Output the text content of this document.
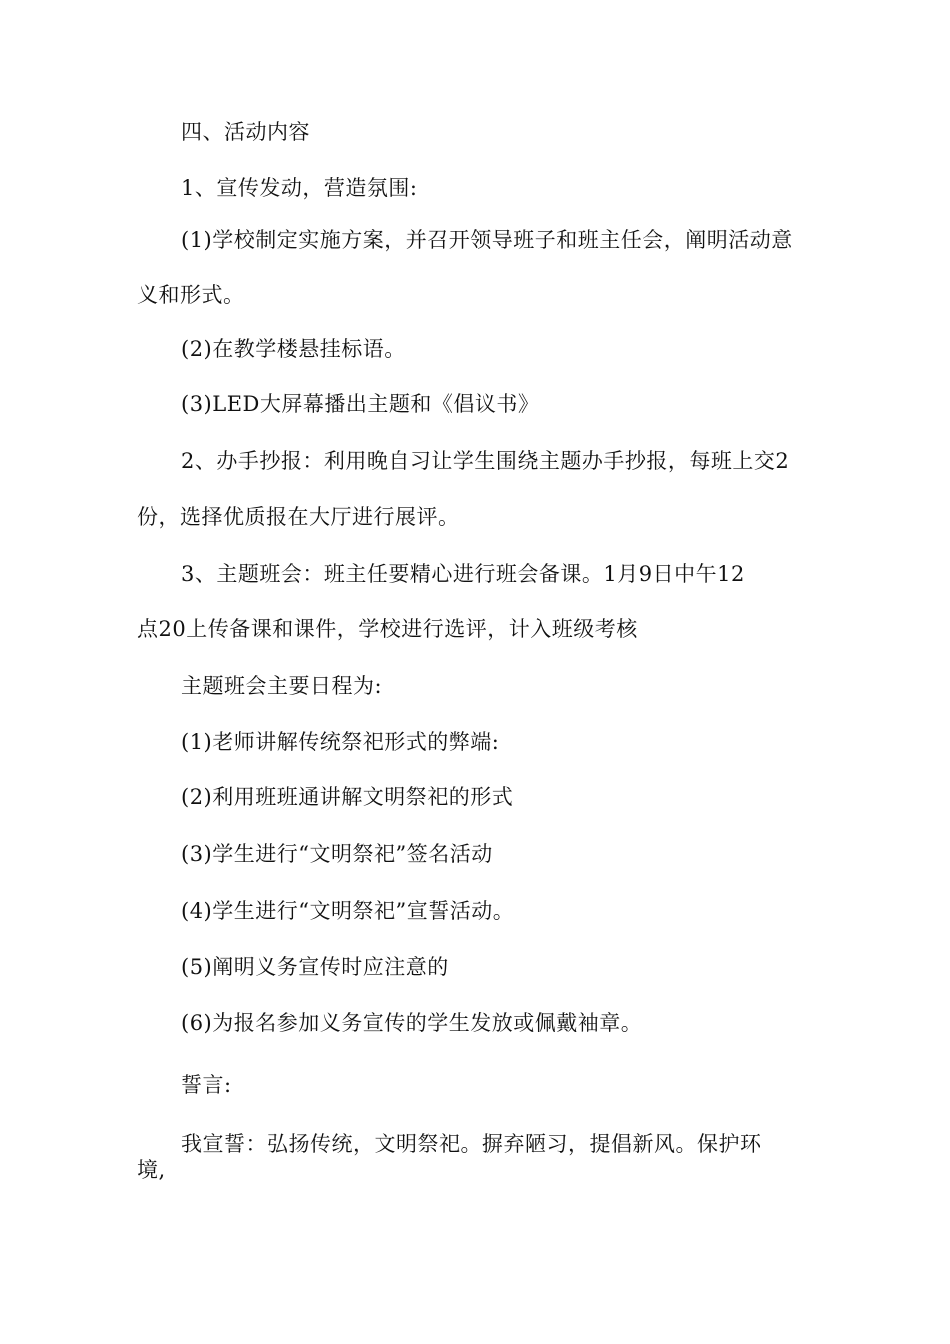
四、活动内容
1、宣传发动，营造氛围:
(1)学校制定实施方案，并召开领导班子和班主任会，阐明活动意
义和形式。
(2)在教学楼悬挂标语。
(3)LED大屏幕播出主题和《倡议书》
2、办手抄报：利用晚自习让学生围绕主题办手抄报，每班上交2
份，选择优质报在大厅进行展评。
3、主题班会：班主任要精心进行班会备课。1月9日中午12
点20上传备课和课件，学校进行选评，计入班级考核
主题班会主要日程为:
(1)老师讲解传统祭祀形式的弊端:
(2)利用班班通讲解文明祭祀的形式
(3)学生进行“文明祭祀”签名活动
(4)学生进行“文明祭祀”宣誓活动。
(5)阐明义务宣传时应注意的
(6)为报名参加义务宣传的学生发放或佩戴袖章。
誓言:
我宣誓：弘扬传统，文明祭祀。摒弃陋习，提倡新风。保护环
境,
